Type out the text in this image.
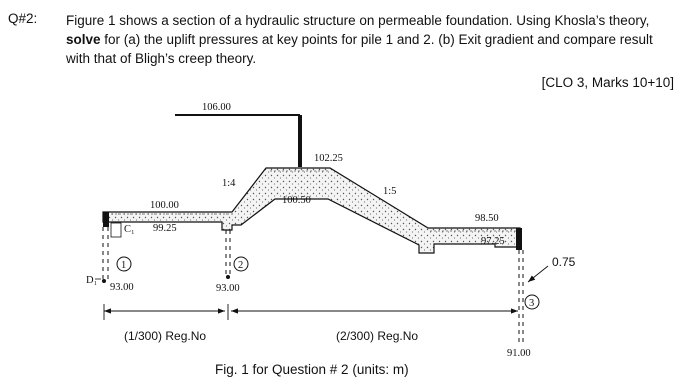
Q#2: Figure 1 shows a section of a hydraulic structure on permeable foundation. Using Khosla’s theory, solve for (a) the uplift pressures at key points for pile 1 and 2. (b) Exit gradient and compare result with that of Bligh’s creep theory.
[CLO 3, Marks 10+10]
C₁
1	2
3
D₁
106.00
102.25
100.50
100.00
99.25
98.50
97.25
93.00	93.00
91.00
1:4
1:5
0.75
(1/300) Reg.No	(2/300) Reg.No
Fig. 1 for Question # 2 (units: m)
